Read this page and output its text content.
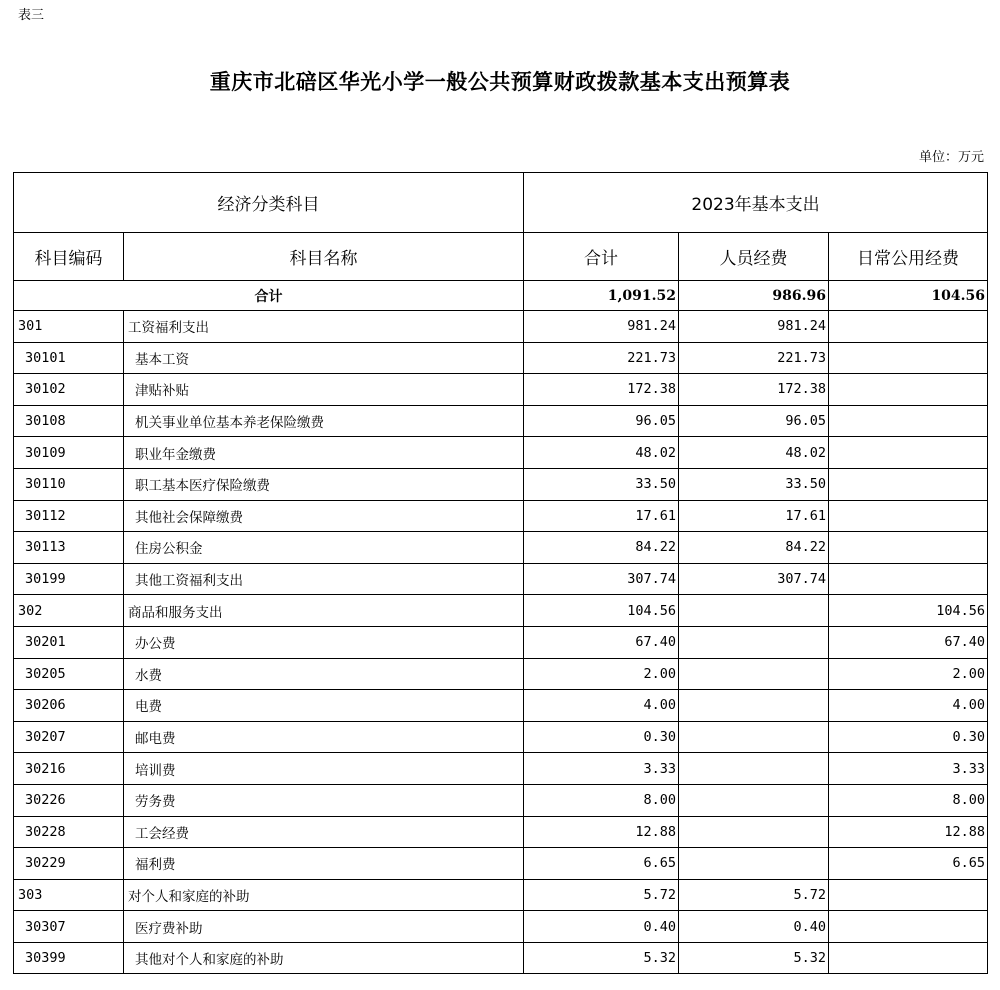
表三
重庆市北碚区华光小学一般公共预算财政拨款基本支出预算表
单位：万元
经济分类科目		2023年基本支出		
科目编码	科目名称	合计	人员经费	日常公用经费
合计		1,091.52	986.96	104.56
301	工资福利支出	981.24	981.24	
30101	基本工资	221.73	221.73	
30102	津贴补贴	172.38	172.38	
30108	机关事业单位基本养老保险缴费	96.05	96.05	
30109	职业年金缴费	48.02	48.02	
30110	职工基本医疗保险缴费	33.50	33.50	
30112	其他社会保障缴费	17.61	17.61	
30113	住房公积金	84.22	84.22	
30199	其他工资福利支出	307.74	307.74	
302	商品和服务支出	104.56		104.56
30201	办公费	67.40		67.40
30205	水费	2.00		2.00
30206	电费	4.00		4.00
30207	邮电费	0.30		0.30
30216	培训费	3.33		3.33
30226	劳务费	8.00		8.00
30228	工会经费	12.88		12.88
30229	福利费	6.65		6.65
303	对个人和家庭的补助	5.72	5.72	
30307	医疗费补助	0.40	0.40	
30399	其他对个人和家庭的补助	5.32	5.32	
